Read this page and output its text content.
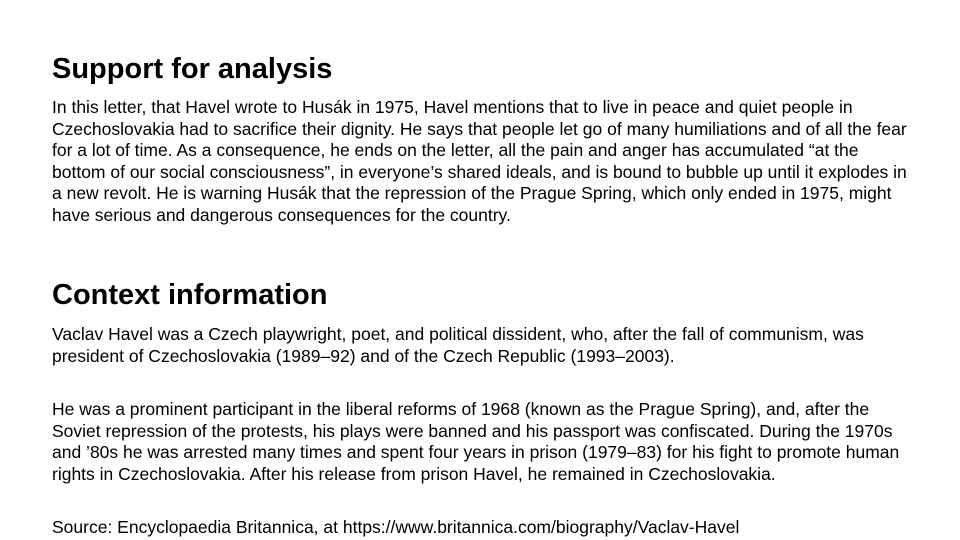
Support for analysis

In this letter, that Havel wrote to Husák in 1975, Havel mentions that to live in peace and quiet people in Czechoslovakia had to sacrifice their dignity. He says that people let go of many humiliations and of all the fear for a lot of time. As a consequence, he ends on the letter, all the pain and anger has accumulated “at the bottom of our social consciousness”, in everyone’s shared ideals, and is bound to bubble up until it explodes in a new revolt. He is warning Husák that the repression of the Prague Spring, which only ended in 1975, might have serious and dangerous consequences for the country.

Context information

Vaclav Havel was a Czech playwright, poet, and political dissident, who, after the fall of communism, was president of Czechoslovakia (1989–92) and of the Czech Republic (1993–2003).

He was a prominent participant in the liberal reforms of 1968 (known as the Prague Spring), and, after the Soviet repression of the protests, his plays were banned and his passport was confiscated. During the 1970s and ’80s he was arrested many times and spent four years in prison (1979–83) for his fight to promote human rights in Czechoslovakia. After his release from prison Havel, he remained in Czechoslovakia.

Source: Encyclopaedia Britannica, at https://www.britannica.com/biography/Vaclav-Havel
